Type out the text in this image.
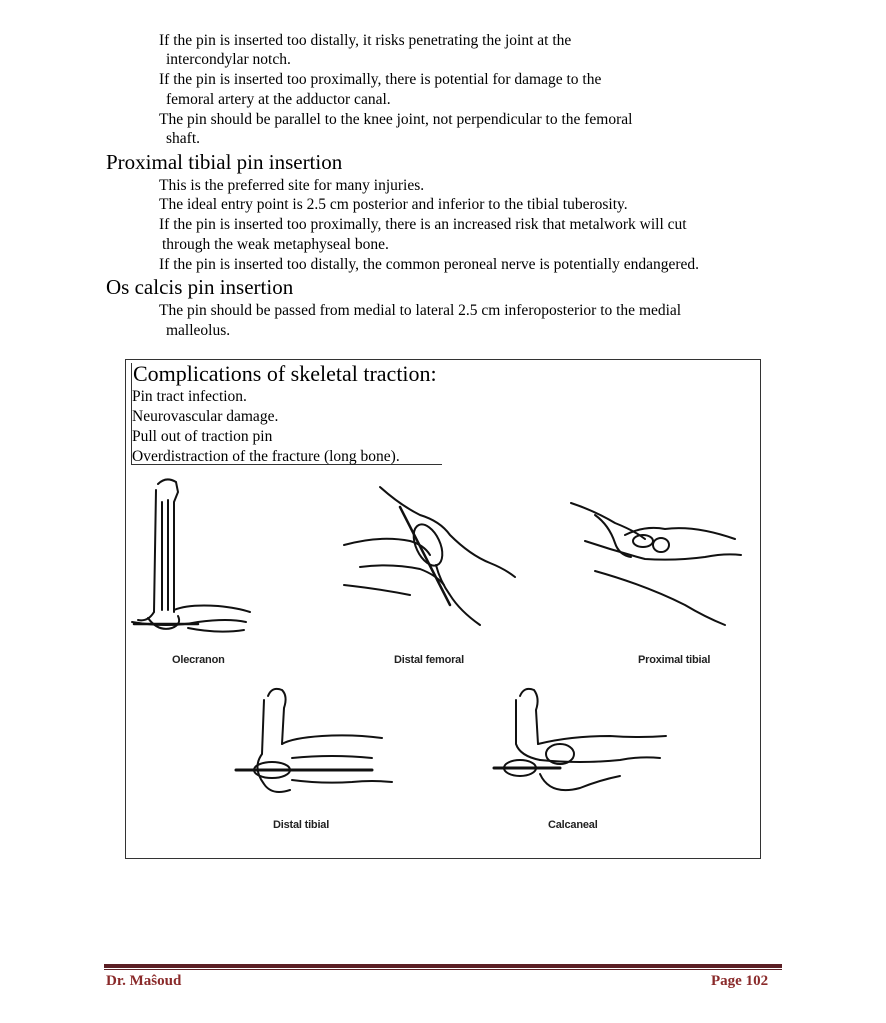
If the pin is inserted too distally, it risks penetrating the joint at the
intercondylar notch.
If the pin is inserted too proximally, there is potential for damage to the
femoral artery at the adductor canal.
The pin should be parallel to the knee joint, not perpendicular to the femoral
shaft.
Proximal tibial pin insertion
This is the preferred site for many injuries.
The ideal entry point is 2.5 cm posterior and inferior to the tibial tuberosity.
If the pin is inserted too proximally, there is an increased risk that metalwork will cut
through the weak metaphyseal bone.
If the pin is inserted too distally, the common peroneal nerve is potentially endangered.
Os calcis pin insertion
The pin should be passed from medial to lateral 2.5 cm inferoposterior to the medial
malleolus.
Complications of skeletal traction:
Pin tract infection.
Neurovascular damage.
Pull out of traction pin
Overdistraction of the fracture (long bone).
Olecranon	Distal femoral	Proximal tibial
Distal tibial	Calcaneal
Dr. Maŝoud	Page 102
